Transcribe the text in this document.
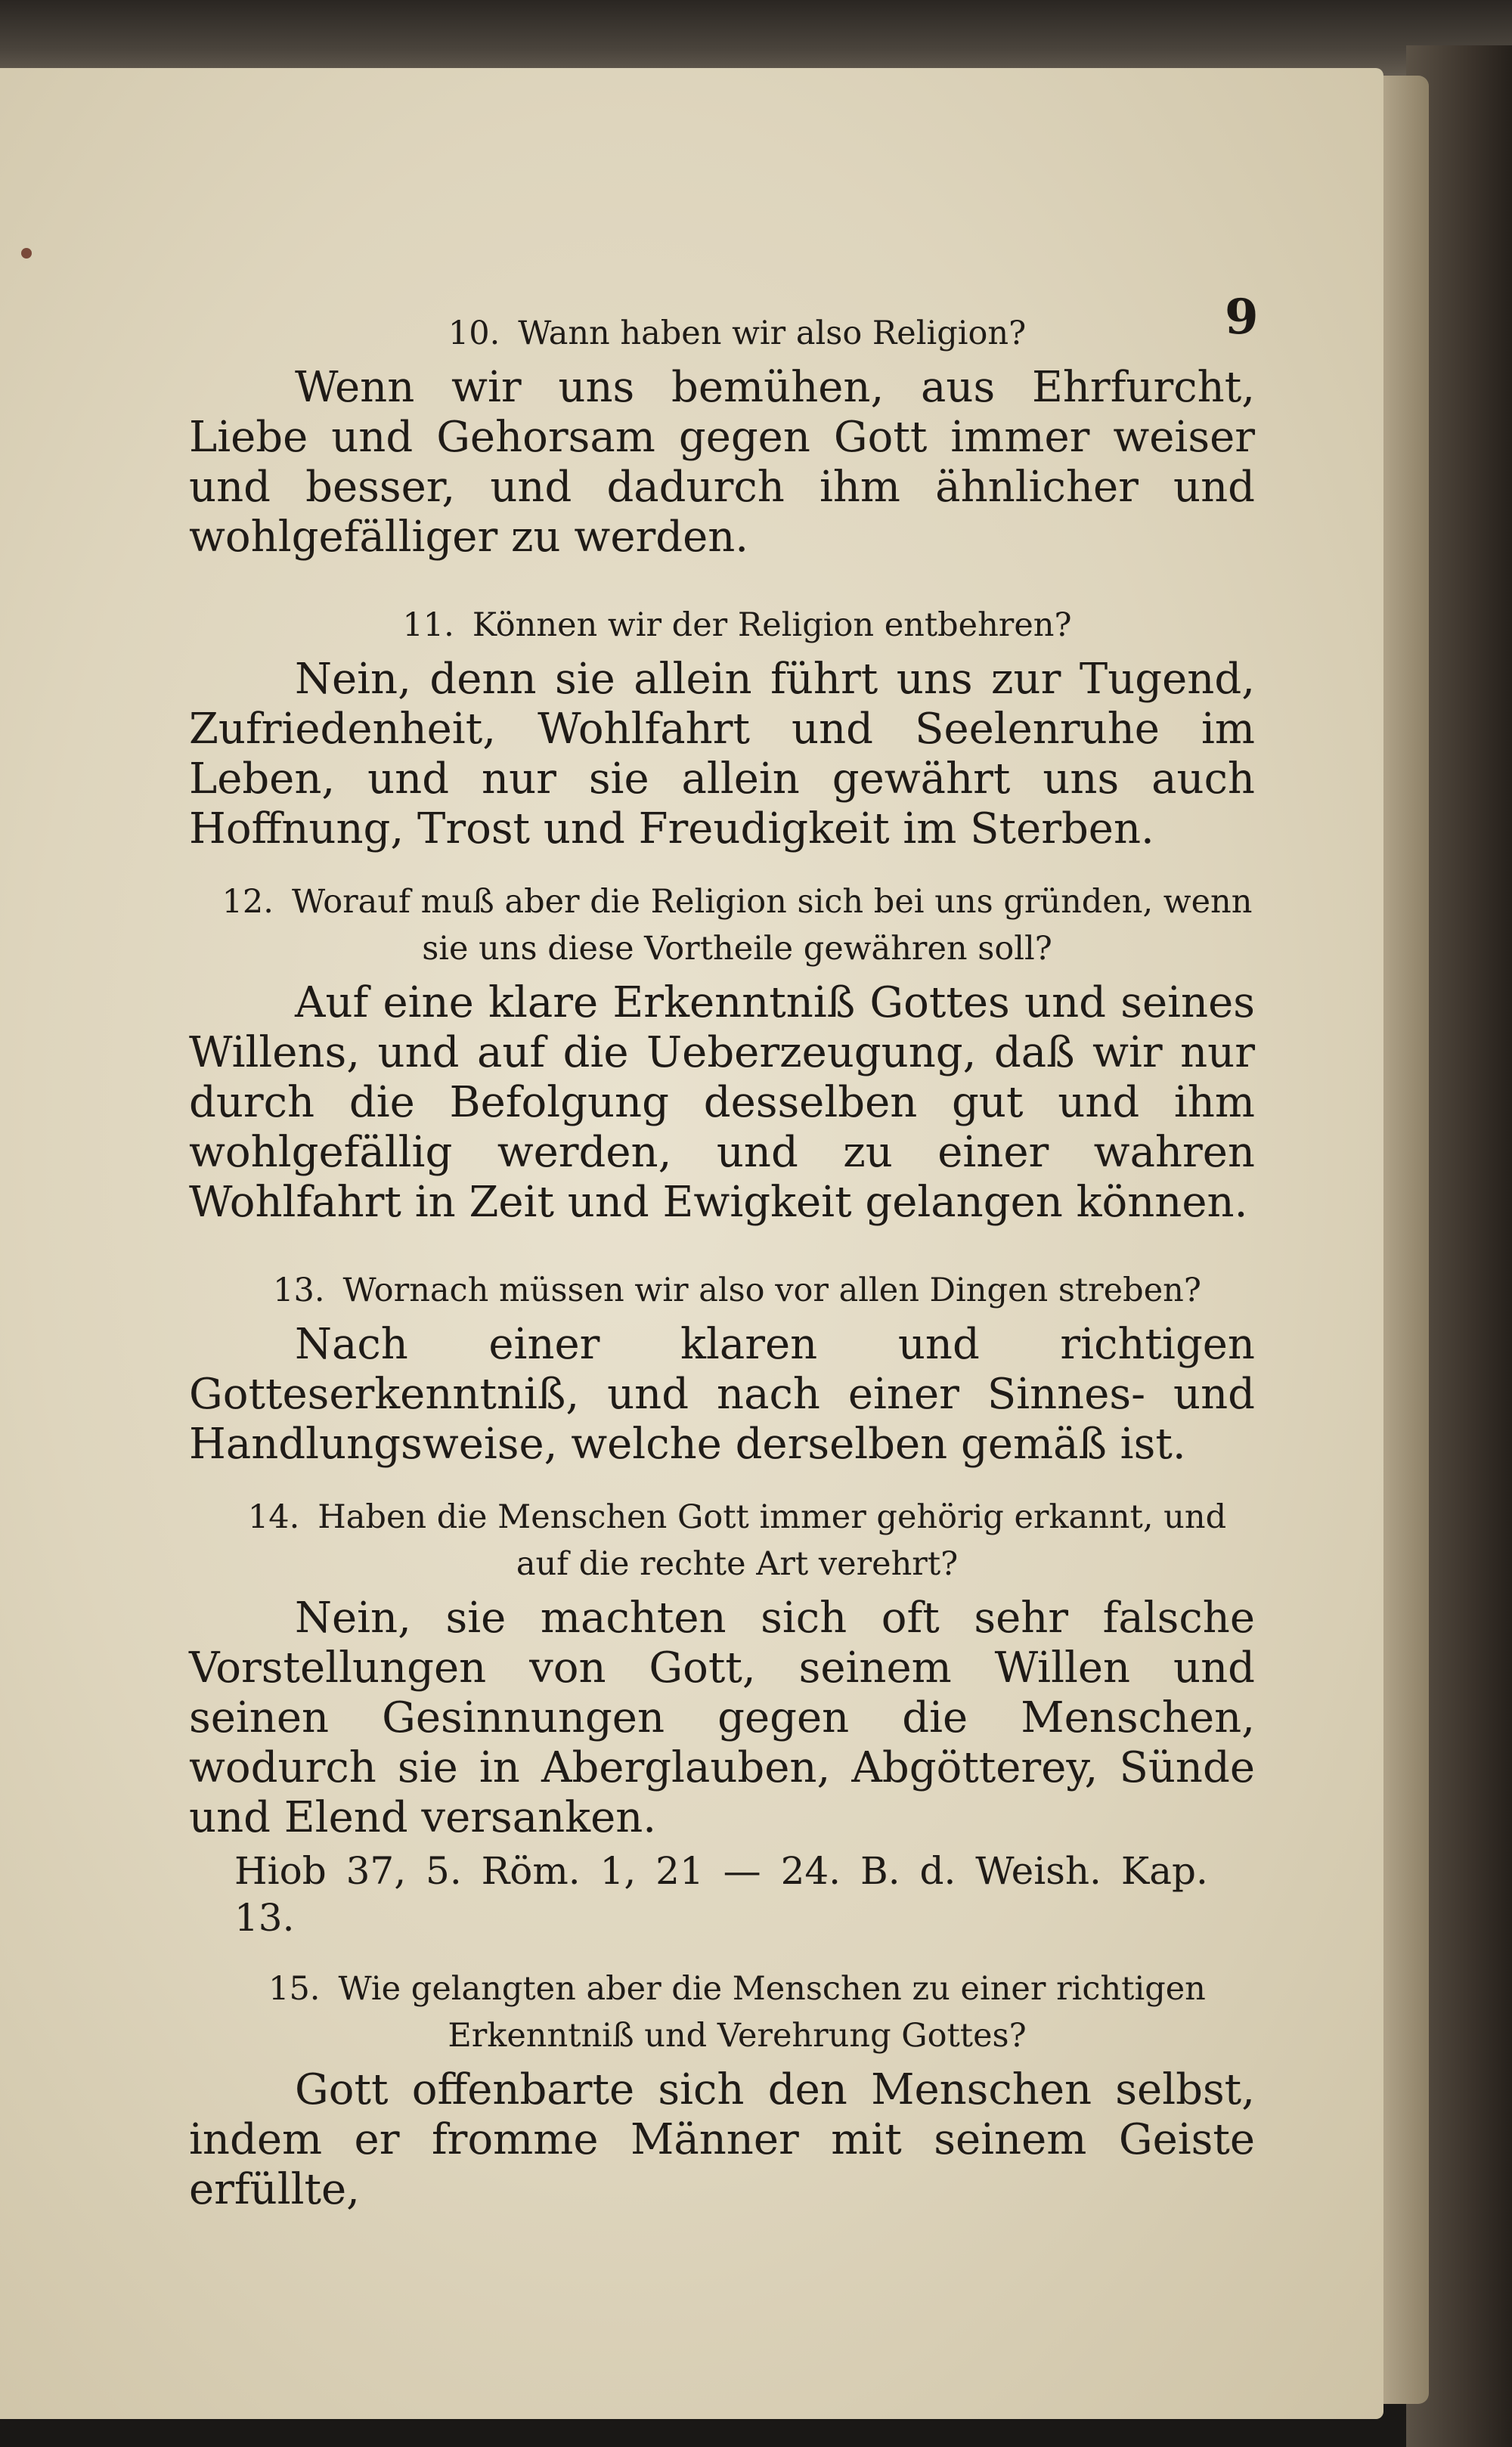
9

10. Wann haben wir also Religion?

Wenn wir uns bemühen, aus Ehrfurcht, Liebe und Gehorsam gegen Gott immer weiser und besser, und dadurch ihm ähnlicher und wohlgefälliger zu werden.

11. Können wir der Religion entbehren?

Nein, denn sie allein führt uns zur Tugend, Zufriedenheit, Wohlfahrt und Seelenruhe im Leben, und nur sie allein gewährt uns auch Hoffnung, Trost und Freudigkeit im Sterben.

12. Worauf muß aber die Religion sich bei uns gründen, wenn sie uns diese Vortheile gewähren soll?

Auf eine klare Erkenntniß Gottes und seines Willens, und auf die Ueberzeugung, daß wir nur durch die Befolgung desselben gut und ihm wohlgefällig werden, und zu einer wahren Wohlfahrt in Zeit und Ewigkeit gelangen können.

13. Wornach müssen wir also vor allen Dingen streben?

Nach einer klaren und richtigen Gotteserkenntniß, und nach einer Sinnes- und Handlungsweise, welche derselben gemäß ist.

14. Haben die Menschen Gott immer gehörig erkannt, und auf die rechte Art verehrt?

Nein, sie machten sich oft sehr falsche Vorstellungen von Gott, seinem Willen und seinen Gesinnungen gegen die Menschen, wodurch sie in Aberglauben, Abgötterey, Sünde und Elend versanken.

Hiob 37, 5. Röm. 1, 21 — 24. B. d. Weish. Kap. 13.

15. Wie gelangten aber die Menschen zu einer richtigen Erkenntniß und Verehrung Gottes?

Gott offenbarte sich den Menschen selbst, indem er fromme Männer mit seinem Geiste erfüllte,
